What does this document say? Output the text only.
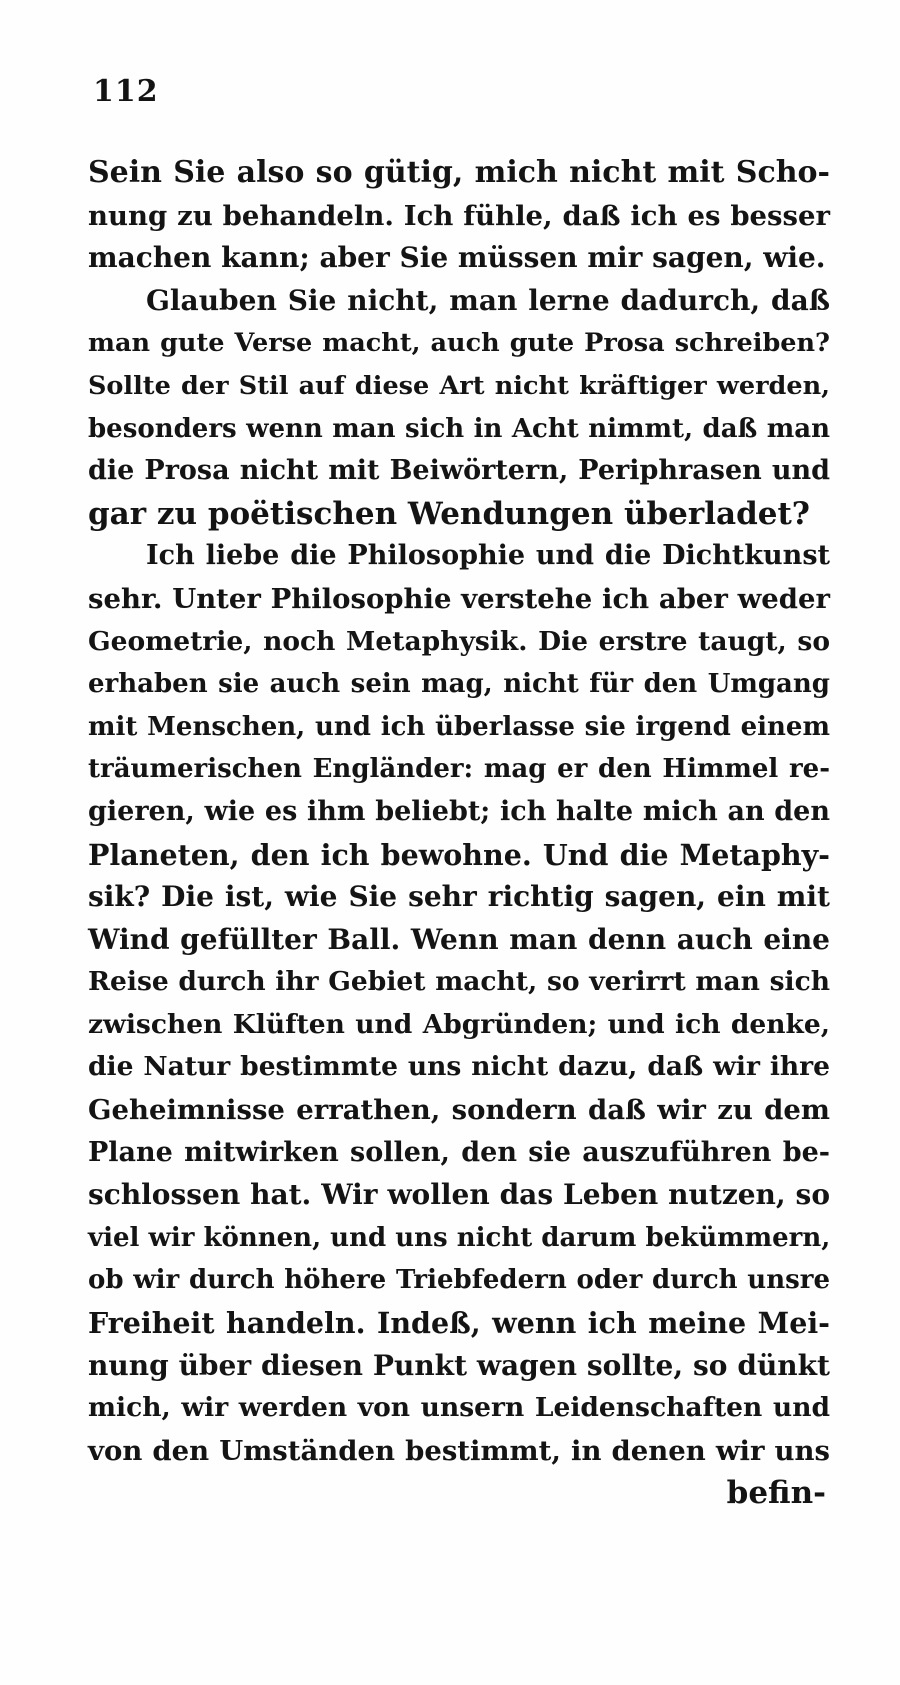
112
Sein Sie also so gütig, mich nicht mit Scho-
nung zu behandeln. Ich fühle, daß ich es besser
machen kann; aber Sie müssen mir sagen, wie.
Glauben Sie nicht, man lerne dadurch, daß
man gute Verse macht, auch gute Prosa schreiben?
Sollte der Stil auf diese Art nicht kräftiger werden,
besonders wenn man sich in Acht nimmt, daß man
die Prosa nicht mit Beiwörtern, Periphrasen und
gar zu poëtischen Wendungen überladet?
Ich liebe die Philosophie und die Dichtkunst
sehr. Unter Philosophie verstehe ich aber weder
Geometrie, noch Metaphysik. Die erstre taugt, so
erhaben sie auch sein mag, nicht für den Umgang
mit Menschen, und ich überlasse sie irgend einem
träumerischen Engländer: mag er den Himmel re-
gieren, wie es ihm beliebt; ich halte mich an den
Planeten, den ich bewohne. Und die Metaphy-
sik? Die ist, wie Sie sehr richtig sagen, ein mit
Wind gefüllter Ball. Wenn man denn auch eine
Reise durch ihr Gebiet macht, so verirrt man sich
zwischen Klüften und Abgründen; und ich denke,
die Natur bestimmte uns nicht dazu, daß wir ihre
Geheimnisse errathen, sondern daß wir zu dem
Plane mitwirken sollen, den sie auszuführen be-
schlossen hat. Wir wollen das Leben nutzen, so
viel wir können, und uns nicht darum bekümmern,
ob wir durch höhere Triebfedern oder durch unsre
Freiheit handeln. Indeß, wenn ich meine Mei-
nung über diesen Punkt wagen sollte, so dünkt
mich, wir werden von unsern Leidenschaften und
von den Umständen bestimmt, in denen wir uns
befin-
